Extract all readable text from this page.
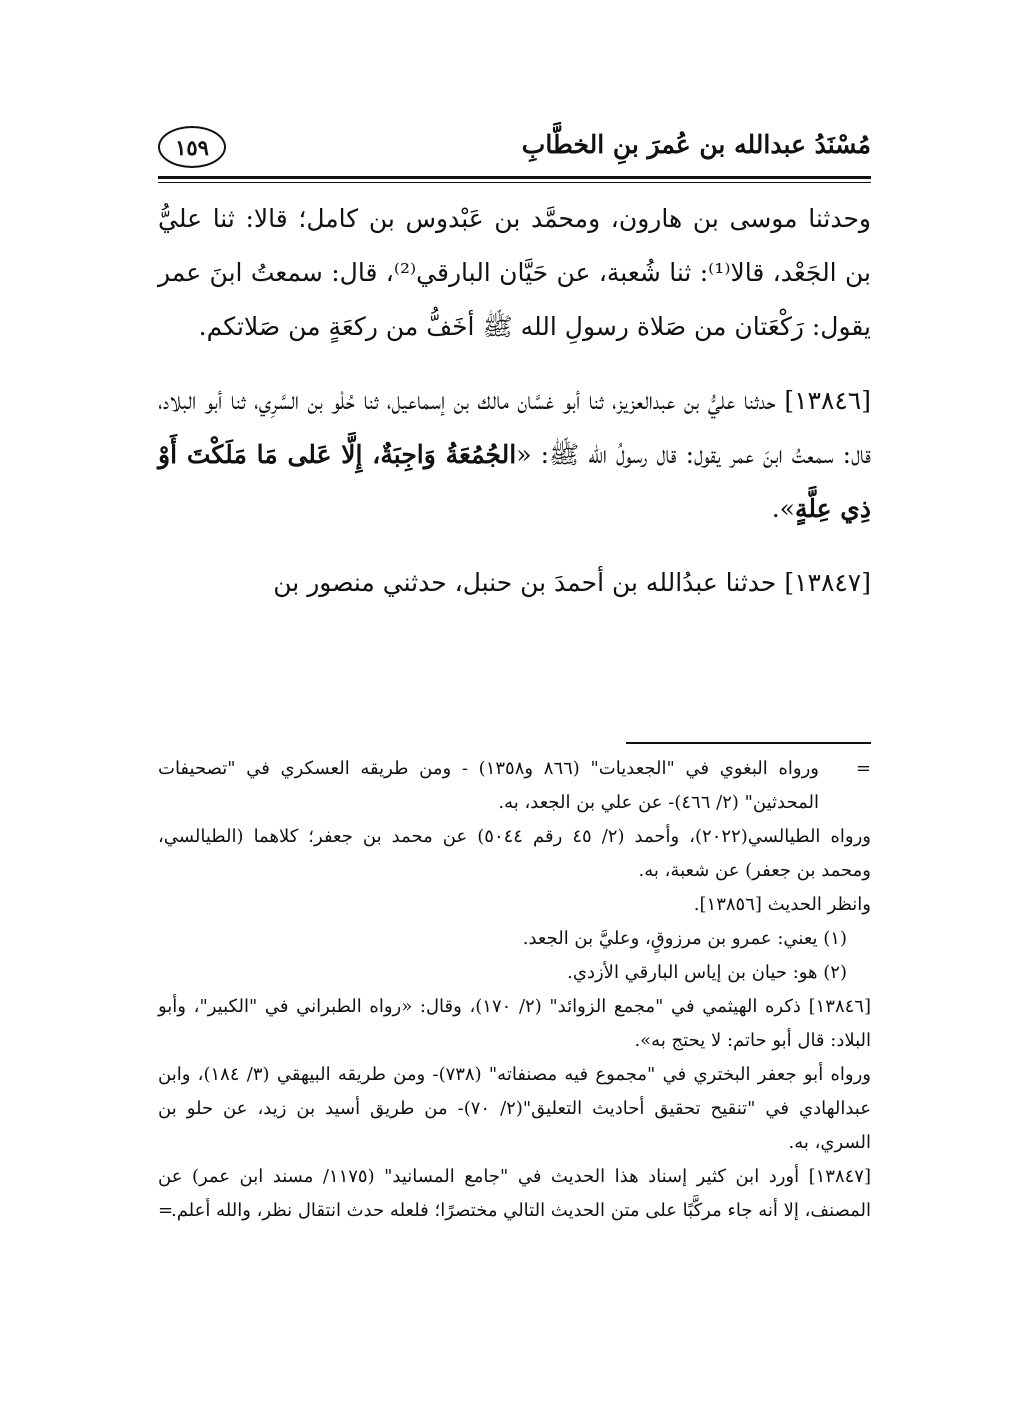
مُسْنَدُ عبدالله بن عُمرَ بنِ الخطَّابِ
١٥٩

وحدثنا موسى بن هارون، ومحمَّد بن عَبْدوس بن كامل؛ قالا: ثنا عليُّ بن الجَعْد، قالا⁽¹⁾: ثنا شُعبة، عن حَيَّان البارقي⁽²⁾، قال: سمعتُ ابنَ عمر يقول: رَكْعَتان من صَلاة رسولِ الله ﷺ أخَفُّ من ركعَةٍ من صَلاتكم.

[١٣٨٤٦] حدثنا عليُّ بن عبدالعزيز، ثنا أبو غسَّان مالك بن إسماعيل، ثنا حُلْو بن السَّرِي، ثنا أبو البلاد، قال: سمعتُ ابنَ عمر يقول: قال رسولُ الله ﷺ: «الجُمُعَةُ وَاجِبَةٌ، إِلَّا عَلى مَا مَلَكْتَ أَوْ ذِي عِلَّةٍ».

[١٣٨٤٧] حدثنا عبدُالله بن أحمدَ بن حنبل، حدثني منصور بن

=

ورواه البغوي في "الجعديات" (٨٦٦ و١٣٥٨) - ومن طريقه العسكري في "تصحيفات المحدثين" (٢/ ٤٦٦)- عن علي بن الجعد، به.

ورواه الطيالسي(٢٠٢٢)، وأحمد (٢/ ٤٥ رقم ٥٠٤٤) عن محمد بن جعفر؛ كلاهما (الطيالسي، ومحمد بن جعفر) عن شعبة، به.

وانظر الحديث [١٣٨٥٦].

(١) يعني: عمرو بن مرزوقٍ، وعليَّ بن الجعد.

(٢) هو: حيان بن إياس البارقي الأزدي.

[١٣٨٤٦] ذكره الهيثمي في "مجمع الزوائد" (٢/ ١٧٠)، وقال: «رواه الطبراني في "الكبير"، وأبو البلاد: قال أبو حاتم: لا يحتج به».

ورواه أبو جعفر البختري في "مجموع فيه مصنفاته" (٧٣٨)- ومن طريقه البيهقي (٣/ ١٨٤)، وابن عبدالهادي في "تنقيح تحقيق أحاديث التعليق"(٢/ ٧٠)- من طريق أسيد بن زيد، عن حلو بن السري، به.

[١٣٨٤٧] أورد ابن كثير إسناد هذا الحديث في "جامع المسانيد" (١١٧٥/ مسند ابن عمر) عن المصنف، إلا أنه جاء مركَّبًا على متن الحديث التالي مختصرًا؛ فلعله حدث انتقال نظر، والله أعلم.

=
